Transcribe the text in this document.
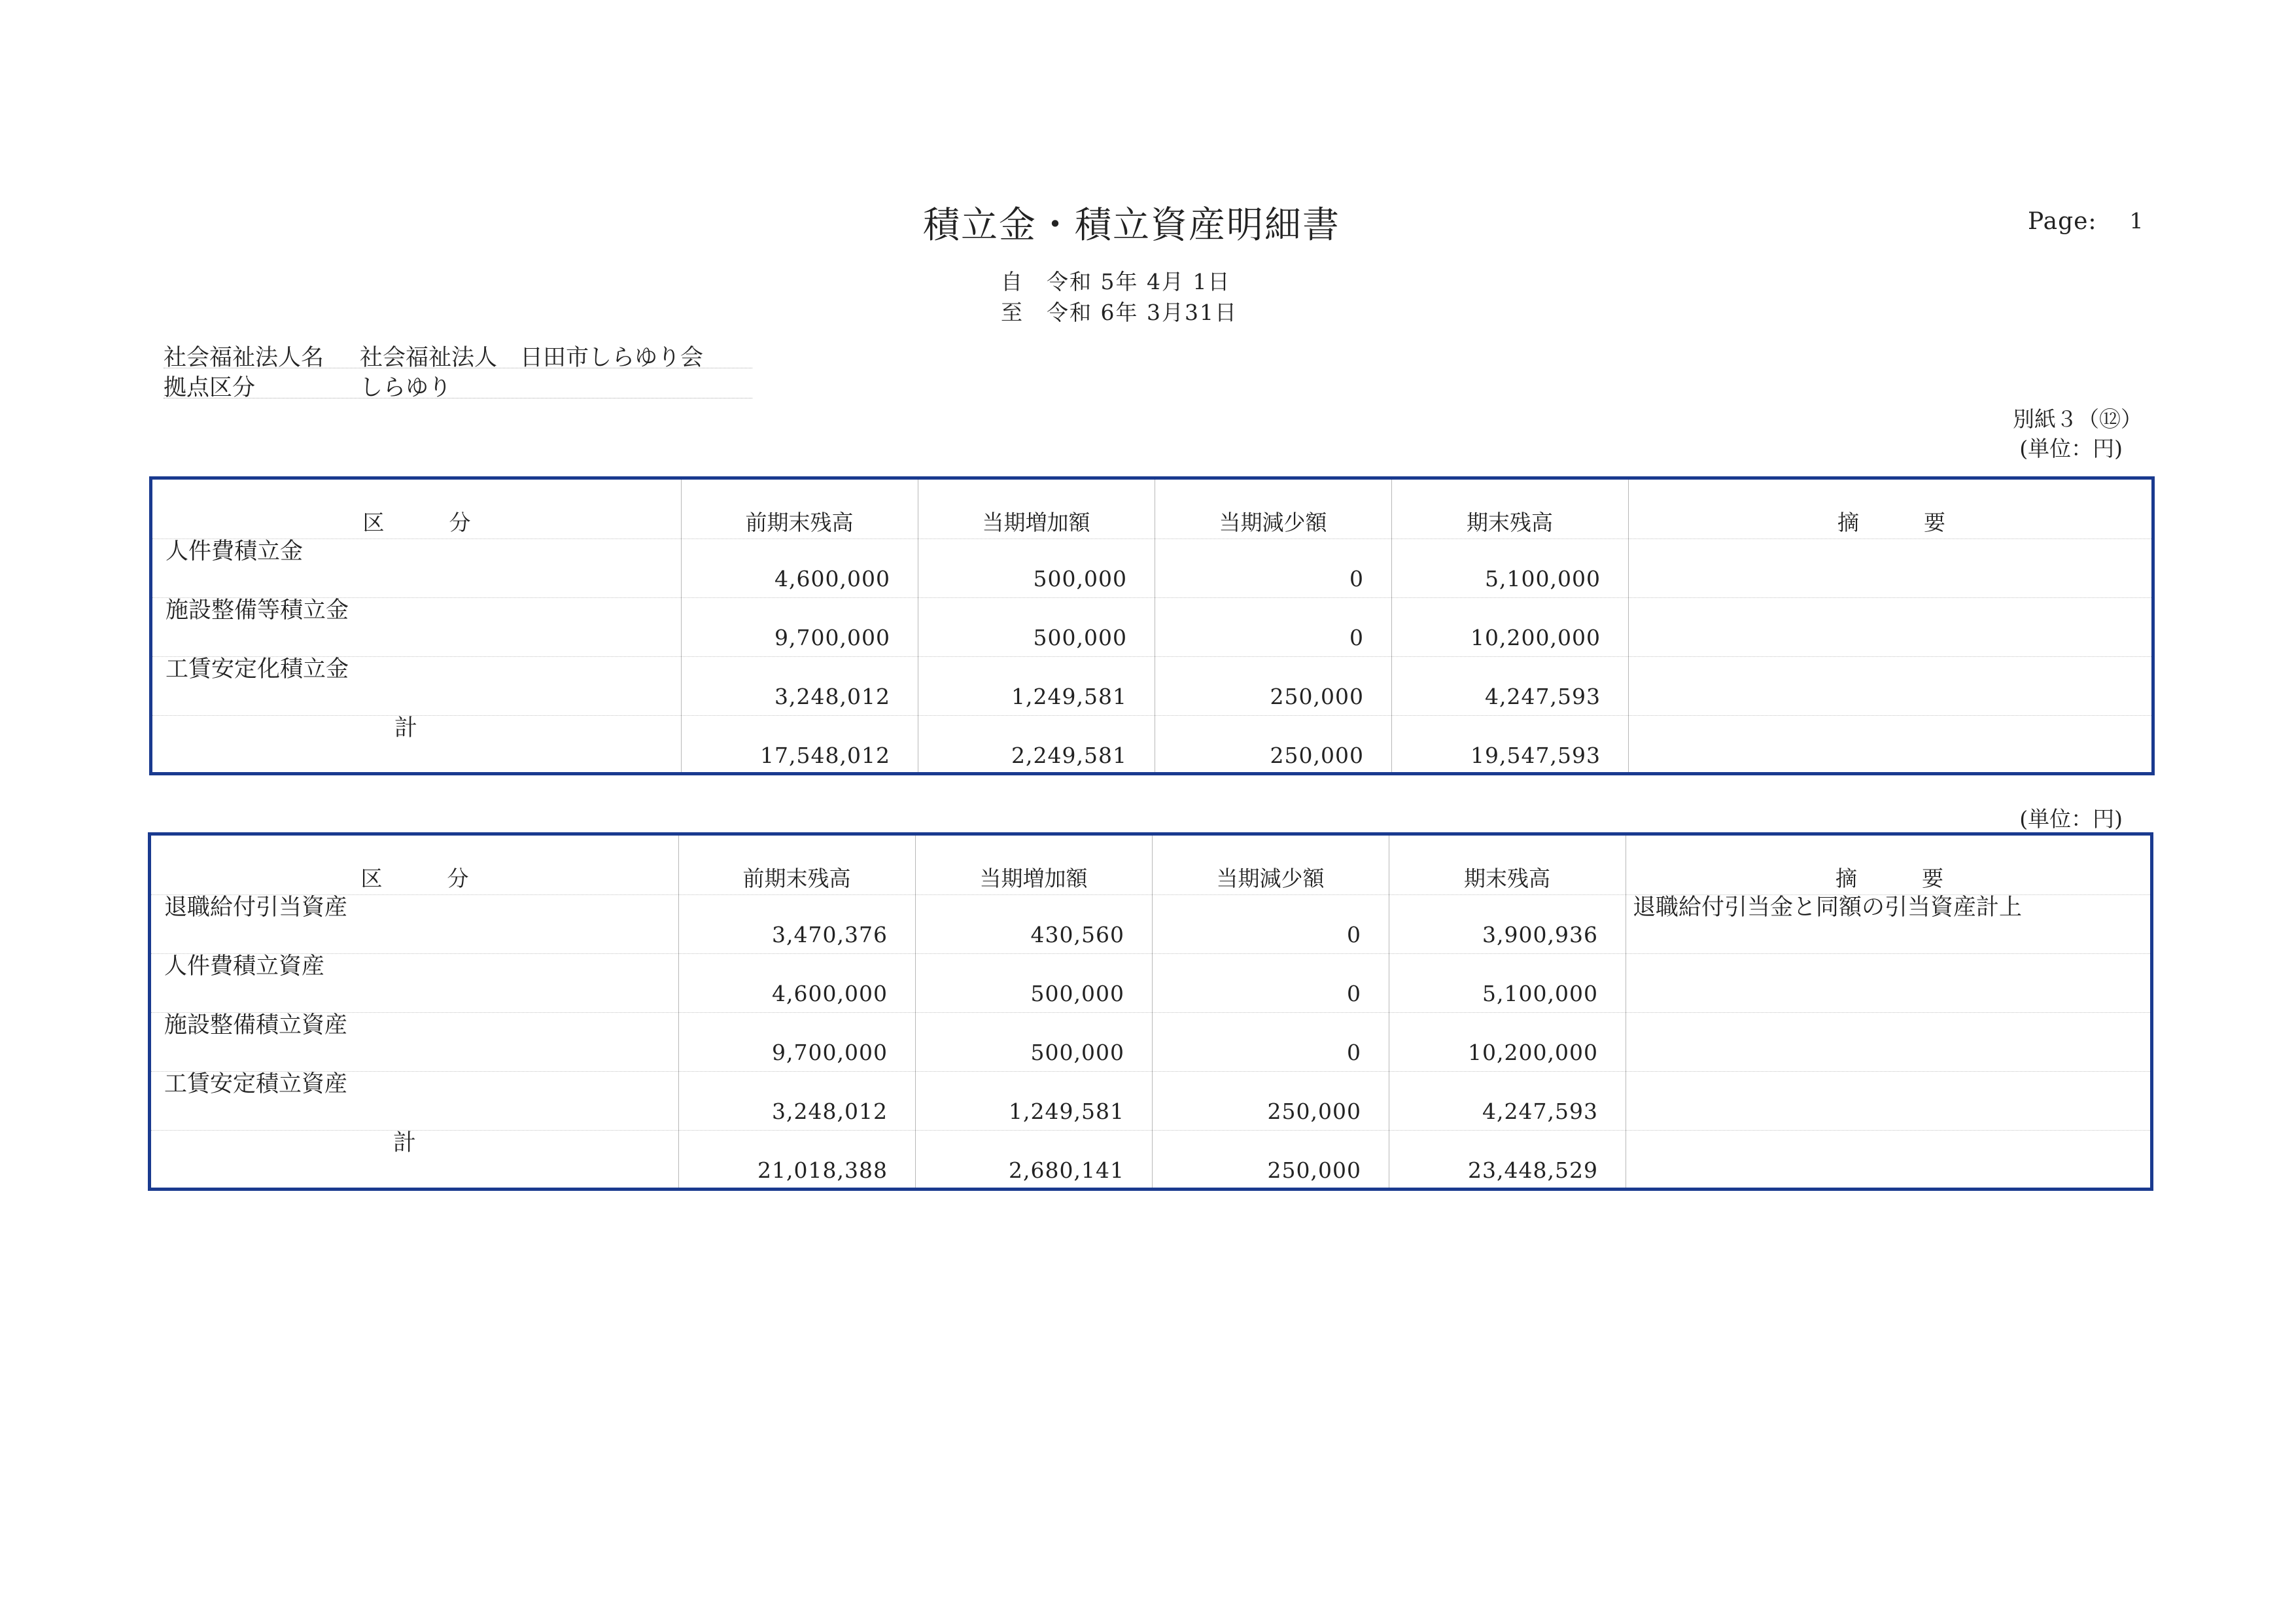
積立金・積立資産明細書	Page: 1
自 令和 5年 4月 1日
至 令和 6年 3月31日
社会福祉法人名 社会福祉法人　日田市しらゆり会
拠点区分	しらゆり
別紙３（⑫）
(単位：円)
(単位：円)
区　　　分	前期末残高	当期増加額	当期減少額	期末残高	摘　　　要
人件費積立金
4,600,000	500,000	0	5,100,000
施設整備等積立金
9,700,000	500,000	0	10,200,000
工賃安定化積立金
3,248,012	1,249,581	250,000	4,247,593
計
17,548,012	2,249,581	250,000	19,547,593
区　　　分	前期末残高	当期増加額	当期減少額	期末残高	摘　　　要
退職給付引当資産
3,470,376	430,560	0	3,900,936
退職給付引当金と同額の引当資産計上
人件費積立資産
4,600,000	500,000	0	5,100,000
施設整備積立資産
9,700,000	500,000	0	10,200,000
工賃安定積立資産
3,248,012	1,249,581	250,000	4,247,593
計
21,018,388	2,680,141	250,000	23,448,529
